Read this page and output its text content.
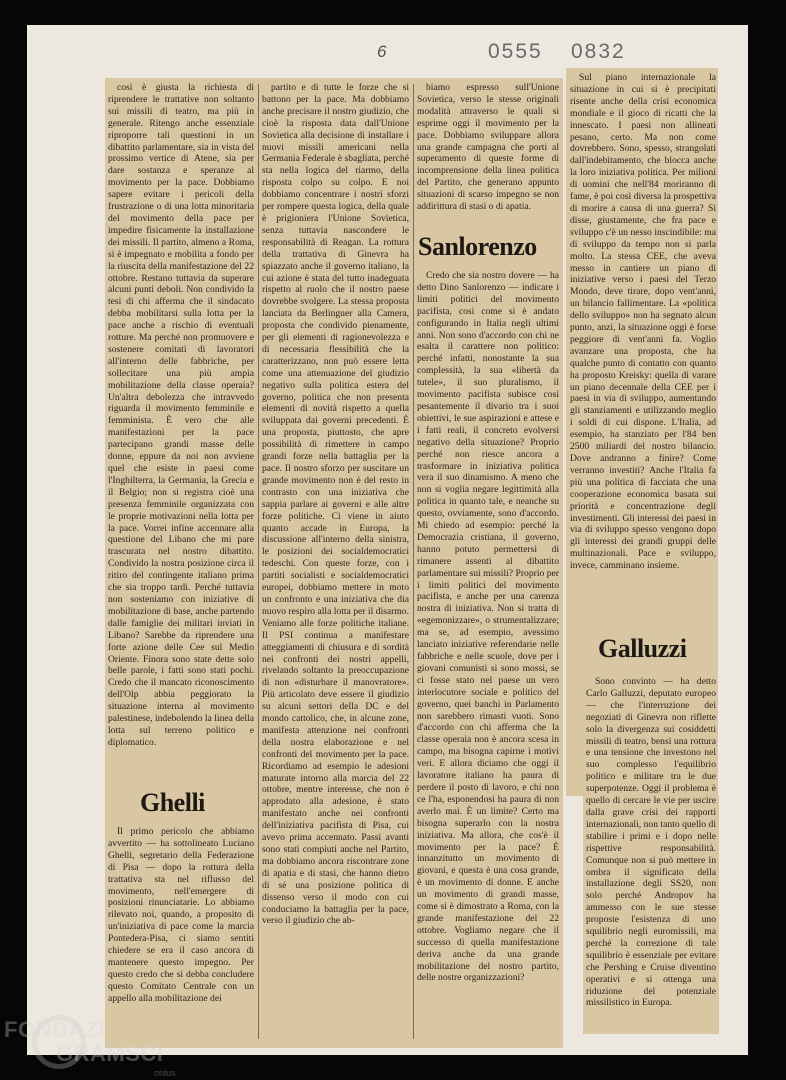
6	0555 0832

così è giusta la richiesta di riprendere le trattative non soltanto sui missili di teatro, ma più in generale. Ritengo anche essenziale riproporre tali questioni in un dibattito parlamentare, sia in vista del prossimo vertice di Atene, sia per dare sostanza e speranze al movimento per la pace. Dobbiamo sapere evitare i pericoli della frustrazione o di una lotta minoritaria del movimento della pace per impedire fisicamente la installazione dei missili. Il partito, almeno a Roma, si è impegnato e mobilita a fondo per la riuscita della manifestazione del 22 ottobre. Restano tuttavia da superare alcuni punti deboli. Non condivido la tesi di chi afferma che il sindacato debba mobilitarsi sulla lotta per la pace anche a rischio di eventuali rotture. Ma perché non promuovere e sostenere comitati di lavoratori all'interno delle fabbriche, per sollecitare una più ampia mobilitazione della classe operaia? Un'altra debolezza che intravvedo riguarda il movimento femminile e femminista. È vero che alle manifestazioni per la pace partecipano grandi masse delle donne, eppure da noi non avviene quel che esiste in paesi come l'Inghilterra, la Germania, la Grecia e il Belgio; non si registra cioè una presenza femminile organizzata con le proprie motivazioni nella lotta per la pace. Vorrei infine accennare alla questione del Libano che mi pare trascurata nel nostro dibattito. Condivido la nostra posizione circa il ritiro del contingente italiano prima che sia troppo tardi. Perché tuttavia non sosteniamo con iniziative di mobilitazione di base, anche partendo dalle famiglie dei militari inviati in Libano? Sarebbe da riprendere una forte azione delle Cee sul Medio Oriente. Finora sono state dette solo belle parole, i fatti sono stati pochi. Credo che il mancato riconoscimento dell'Olp abbia peggiorato la situazione interna al movimento palestinese, indebolendo la linea della lotta sul terreno politico e diplomatico.

Ghelli

Il primo pericolo che abbiamo avvertito — ha sottolineato Luciano Ghelli, segretario della Federazione di Pisa — dopo la rottura della trattativa sta nel riflusso del movimento, nell'emergere di posizioni rinunciatarie. Lo abbiamo rilevato noi, quando, a proposito di un'iniziativa di pace come la marcia Pontedera-Pisa, ci siamo sentiti chiedere se era il caso ancora di mantenere questo impegno. Per questo credo che si debba concludere questo Comitato Centrale con un appello alla mobilitazione dei

partito e di tutte le forze che si battono per la pace. Ma dobbiamo anche precisare il nostro giudizio, che cioè la risposta data dall'Unione Sovietica alla decisione di installare i nuovi missili americani nella Germania Federale è sbagliata, perché sta nella logica del riarmo, della risposta colpo su colpo. E noi dobbiamo concentrare i nostri sforzi per rompere questa logica, della quale è prigioniera l'Unione Sovietica, senza tuttavia nascondere le responsabilità di Reagan. La rottura della trattativa di Ginevra ha spiazzato anche il governo italiano, la cui azione è stata del tutto inadeguata rispetto al ruolo che il nostro paese dovrebbe svolgere. La stessa proposta lanciata da Berlinguer alla Camera, proposta che condivido pienamente, per gli elementi di ragionevolezza e di necessaria flessibilità che la caratterizzano, non può essere letta come una attenuazione del giudizio negativo sulla politica estera del governo, politica che non presenta elementi di novità rispetto a quella sviluppata dai governi precedenti. È una proposta, piuttosto, che apre possibilità di rimettere in campo grandi forze nella battaglia per la pace. Il nostro sforzo per suscitare un grande movimento non è del resto in contrasto con una iniziativa che sappia parlare ai governi e alle altre forze politiche. Ci viene in aiuto quanto accade in Europa, la discussione all'interno della sinistra, le posizioni dei socialdemocratici tedeschi. Con queste forze, con i partiti socialisti e socialdemocratici europei, dobbiamo mettere in moto un confronto e una iniziativa che dia nuovo respiro alla lotta per il disarmo. Veniamo alle forze politiche italiane. Il PSI continua a manifestare atteggiamenti di chiusura e di sordità nei confronti dei nostri appelli, rivelando soltanto la preoccupazione di non «disturbare il manovratore». Più articolato deve essere il giudizio su alcuni settori della DC e del mondo cattolico, che, in alcune zone, manifesta attenzione nei confronti della nostra elaborazione e nel confronti del movimento per la pace. Ricordiamo ad esempio le adesioni maturate intorno alla marcia del 22 ottobre, mentre interesse, che non è approdato alla adesione, è stato manifestato anche nei confronti dell'iniziativa pacifista di Pisa, cui avevo prima accennato. Passi avanti sono stati compiuti anche nel Partito, ma dobbiamo ancora riscontrare zone di apatia e di stasi, che hanno dietro di sé una posizione politica di dissenso verso il modo con cui conduciamo la battaglia per la pace, verso il giudizio che ab-

biamo espresso sull'Unione Sovietica, verso le stesse originali modalità attraverso le quali si esprime oggi il movimento per la pace. Dobbiamo sviluppare allora una grande campagna che porti al superamento di queste forme di incomprensione della linea politica del Partito, che generano appunto situazioni di scarso impegno se non addirittura di stasi o di apatia.

Sanlorenzo

Credo che sia nostro dovere — ha detto Dino Sanlorenzo — indicare i limiti politici del movimento pacifista, così come si è andato configurando in Italia negli ultimi anni. Non sono d'accordo con chi ne esalta il carattere non politico: perché infatti, nonostante la sua complessità, la sua «libertà da tutele», il suo pluralismo, il movimento pacifista subisce così pesantemente il divario tra i suoi obiettivi, le sue aspirazioni e attese e i fatti reali, il concreto evolversi negativo della situazione? Proprio perché non riesce ancora a trasformare in iniziativa politica vera il suo dinamismo. A meno che non si voglia negare legittimità alla politica in quanto tale, e neanche su questo, ovviamente, sono d'accordo. Mi chiedo ad esempio: perché la Democrazia cristiana, il governo, hanno potuto permettersi di rimanere assenti al dibattito parlamentare sui missili? Proprio per i limiti politici del movimento pacifista, e anche per una carenza nostra di iniziativa. Non si tratta di «egemonizzare», o strumentalizzare; ma se, ad esempio, avessimo lanciato iniziative referendarie nelle fabbriche e nelle scuole, dove per i giovani comunisti si sono mossi, se ci fosse stato nel paese un vero interlocutore sociale e politico del governo, quei banchi in Parlamento non sarebbero rimasti vuoti. Sono d'accordo con chi afferma che la classe operaia non è ancora scesa in campo, ma bisogna capirne i motivi veri. E allora diciamo che oggi il lavoratore italiano ha paura di perdere il posto di lavoro, e chi non ce l'ha, esponendosi ha paura di non averlo mai. È un limite? Certo ma bisogna superarlo con la nostra iniziativa. Ma allora, che cos'è il movimento per la pace? È innanzitutto un movimento di giovani, e questa è una cosa grande, è un movimento di donne. E anche un movimento di grandi masse, come si è dimostrato a Roma, con la grande manifestazione del 22 ottobre. Vogliamo negare che il successo di quella manifestazione deriva anche da una grande mobilitazione del nostro partito, delle nostre organizzazioni?

Sul piano internazionale la situazione in cui si è precipitati risente anche della crisi economica mondiale e il gioco di ricatti che la innescato. I paesi non allineati pesano, certo. Ma non come dovrebbero. Sono, spesso, strangolati dall'indebitamento, che blocca anche la loro iniziativa politica. Per milioni di uomini che nell'84 moriranno di fame, è poi così diversa la prospettiva di morire a causa di una guerra? Si disse, giustamente, che fra pace e sviluppo c'è un nesso inscindibile: ma di sviluppo da tempo non si parla molto. La stessa CEE, che aveva messo in cantiere un piano di iniziative verso i paesi del Terzo Mondo, deve tirare, dopo vent'anni, un bilancio fallimentare. La «politica dello sviluppo» non ha segnato alcun punto, anzi, la situazione oggi è forse peggiore di vent'anni fa. Voglio avanzare una proposta, che ha qualche punto di contatto con quanto ha proposto Kreisky: quella di varare un piano decennale della CEE per i paesi in via di sviluppo, aumentando gli stanziamenti e utilizzando meglio i soldi di cui dispone. L'Italia, ad esempio, ha stanziato per l'84 ben 2500 miliardi del nostro bilancio. Dove andranno a finire? Come verranno investiti? Anche l'Italia fa più una politica di facciata che una cooperazione economica basata sui priorità e concentrazione degli investimenti. Gli interessi dei paesi in via di sviluppo spesso vengono dopo gli interessi dei grandi gruppi delle multinazionali. Pace e sviluppo, invece, camminano insieme.

Galluzzi

Sono convinto — ha detto Carlo Galluzzi, deputato europeo — che l'interruzione dei negoziati di Ginevra non riflette solo la divergenza sui cosiddetti missili di teatro, bensì una rottura e una tensione che investono nel suo complesso l'equilibrio politico e militare tra le due superpotenze. Oggi il problema è quello di cercare le vie per uscire dalla grave crisi dei rapporti internazionali, non tanto quello di stabilire i primi e i dopo nelle rispettive responsabilità. Comunque non si può mettere in ombra il significato della installazione degli SS20, non solo perché Andropov ha ammesso con le sue stesse proposte l'esistenza di uno squilibrio negli euromissili, ma perché la correzione di tale squilibrio è essenziale per evitare che Pershing e Cruise diventino operativi e si ottenga una riduzione del potenziale missilistico in Europa.

FONDAZI
GRAMSCI
onlus
